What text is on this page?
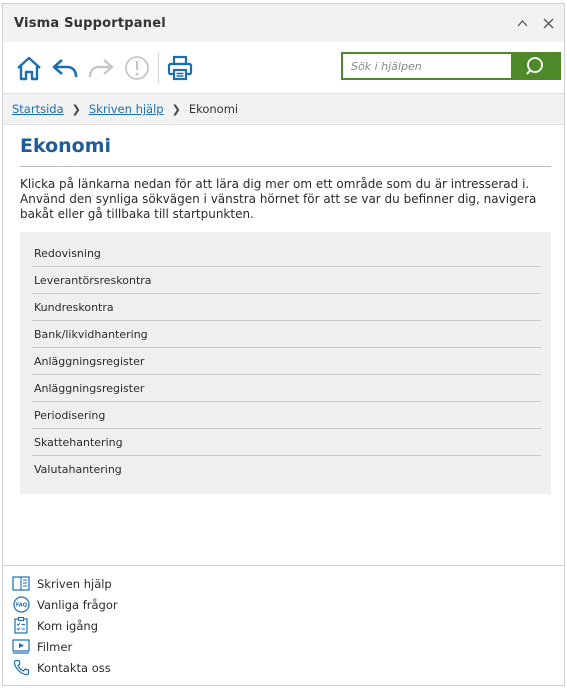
Visma Supportpanel
Sök i hjälpen
Startsida ❯ Skriven hjälp ❯ Ekonomi
Ekonomi

Klicka på länkarna nedan för att lära dig mer om ett område som du är intresserad i. Använd den synliga sökvägen i vänstra hörnet för att se var du befinner dig, navigera bakåt eller gå tillbaka till startpunkten.

Redovisning
Leverantörsreskontra
Kundreskontra
Bank/likvidhantering
Anläggningsregister
Anläggningsregister
Periodisering
Skattehantering
Valutahantering
Skriven hjälp
FAQ Vanliga frågor
Kom igång
Filmer
Kontakta oss
